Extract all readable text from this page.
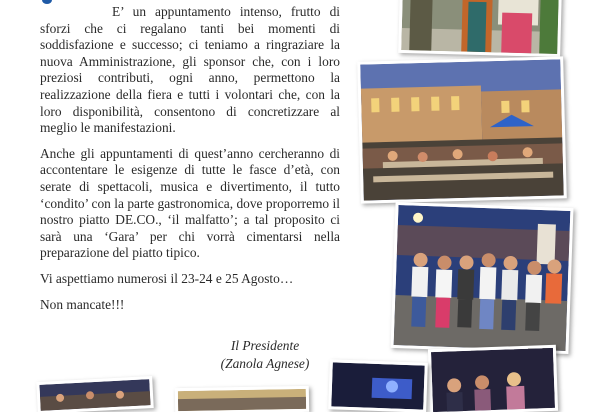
E’ un appuntamento intenso, frutto di sforzi che ci regalano tanti bei momenti di soddisfazione e successo; ci teniamo a ringraziare la nuova Amministrazione, gli sponsor che, con i loro preziosi contributi, ogni anno, permettono la realizzazione della fiera e tutti i volontari che, con la loro disponibilità, consentono di concretizzare al meglio le manifestazioni.

Anche gli appuntamenti di quest’anno cercheranno di accontentare le esigenze di tutte le fasce d’età, con serate di spettacoli, musica e divertimento, il tutto ‘condito’ con la parte gastronomica, dove proporremo il nostro piatto DE.CO., ‘il malfatto’; a tal proposito ci sarà una ‘Gara’ per chi vorrà cimentarsi nella preparazione del piatto tipico.

Vi aspettiamo numerosi il 23-24 e 25 Agosto…

Non mancate!!!

Il Presidente
(Zanola Agnese)
